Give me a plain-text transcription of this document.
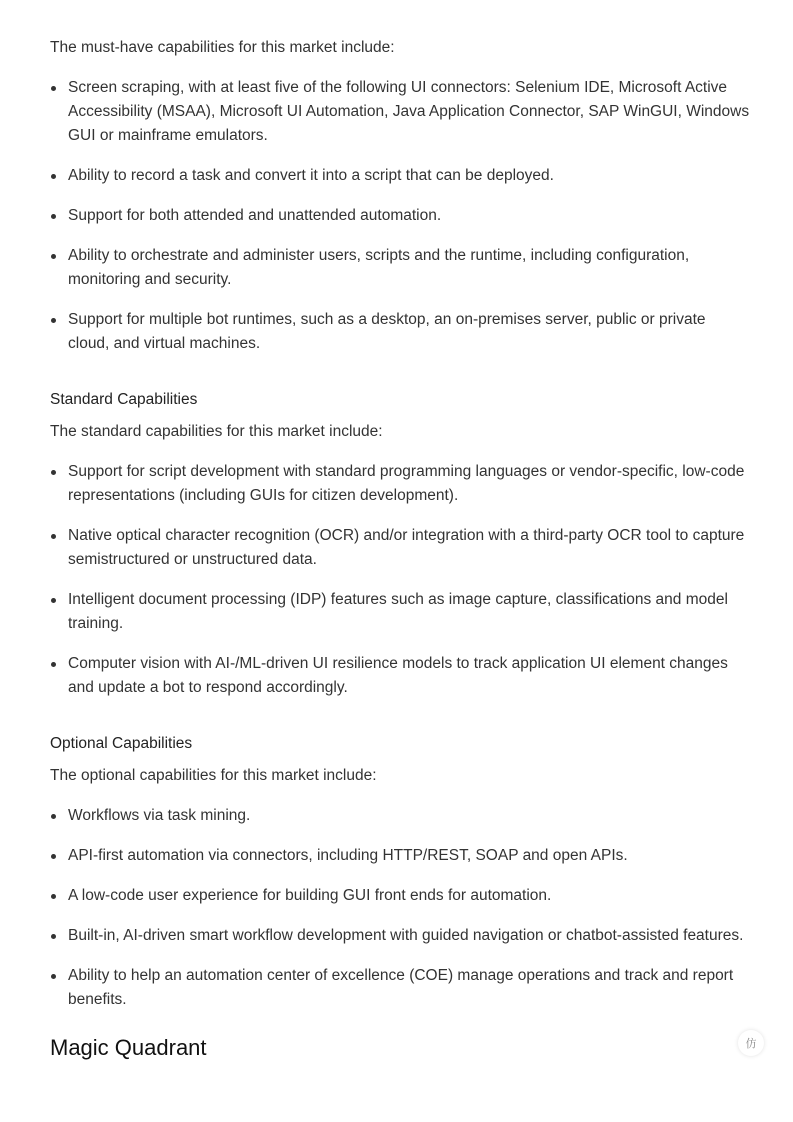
The must-have capabilities for this market include:

Screen scraping, with at least five of the following UI connectors: Selenium IDE, Microsoft Active Accessibility (MSAA), Microsoft UI Automation, Java Application Connector, SAP WinGUI, Windows GUI or mainframe emulators.
Ability to record a task and convert it into a script that can be deployed.
Support for both attended and unattended automation.
Ability to orchestrate and administer users, scripts and the runtime, including configuration, monitoring and security.
Support for multiple bot runtimes, such as a desktop, an on-premises server, public or private cloud, and virtual machines.
Standard Capabilities

The standard capabilities for this market include:

Support for script development with standard programming languages or vendor-specific, low-code representations (including GUIs for citizen development).
Native optical character recognition (OCR) and/or integration with a third-party OCR tool to capture semistructured or unstructured data.
Intelligent document processing (IDP) features such as image capture, classifications and model training.
Computer vision with AI-/ML-driven UI resilience models to track application UI element changes and update a bot to respond accordingly.
Optional Capabilities

The optional capabilities for this market include:

Workflows via task mining.
API-first automation via connectors, including HTTP/REST, SOAP and open APIs.
A low-code user experience for building GUI front ends for automation.
Built-in, AI-driven smart workflow development with guided navigation or chatbot-assisted features.
Ability to help an automation center of excellence (COE) manage operations and track and report benefits.
Magic Quadrant	仿
